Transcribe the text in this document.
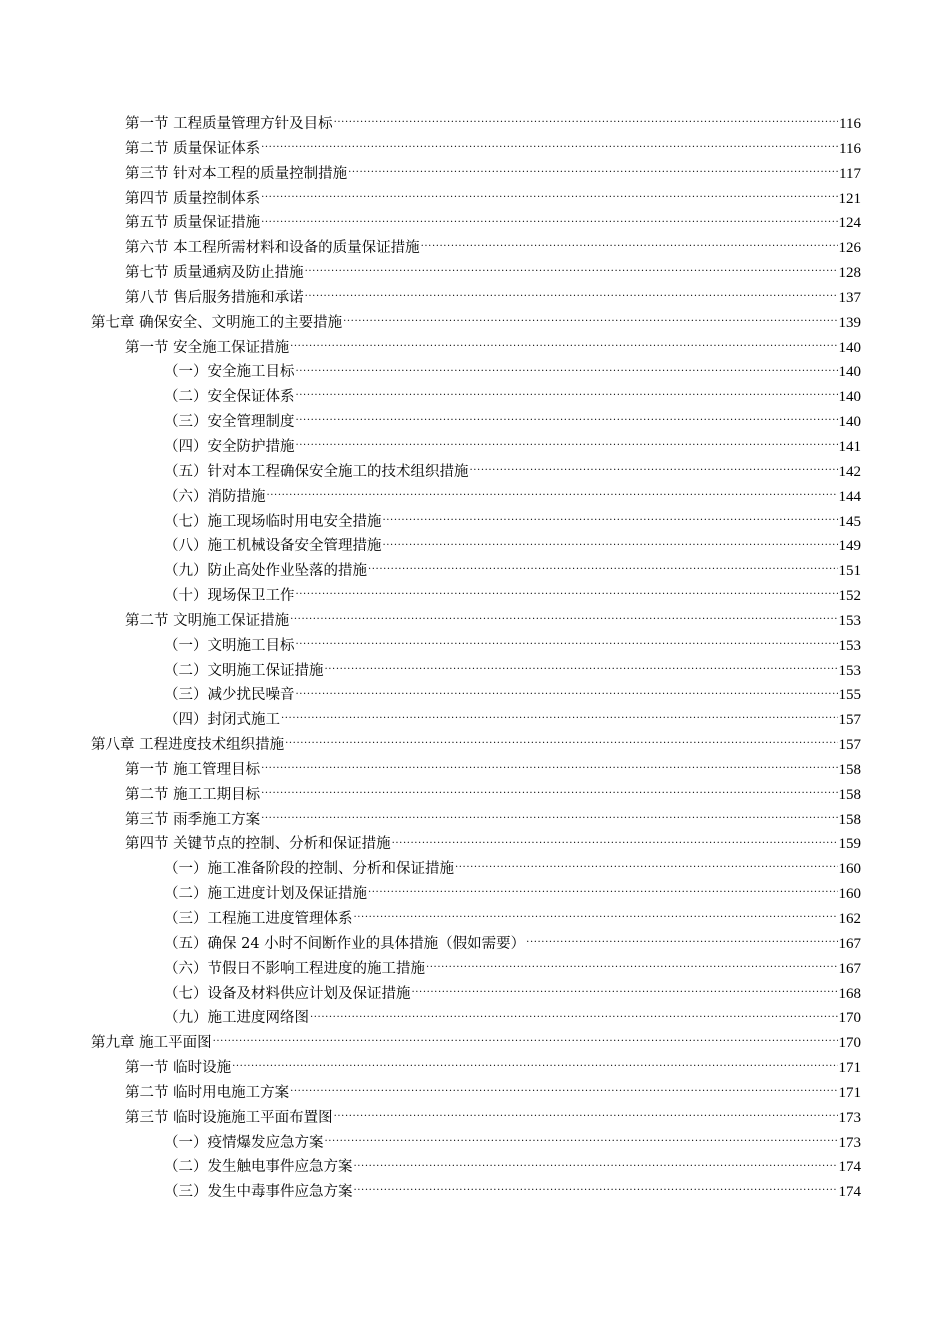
第一节 工程质量管理方针及目标 .....	116
第二节 质量保证体系 .....	116
第三节 针对本工程的质量控制措施 .....	117
第四节 质量控制体系 .....	121
第五节 质量保证措施 .....	124
第六节 本工程所需材料和设备的质量保证措施 .....	126
第七节 质量通病及防止措施 .....	128
第八节 售后服务措施和承诺 .....	137
第七章 确保安全、文明施工的主要措施 .....	139
第一节 安全施工保证措施 .....	140
（一）安全施工目标 .....	140
（二）安全保证体系 .....	140
（三）安全管理制度 .....	140
（四）安全防护措施 .....	141
（五）针对本工程确保安全施工的技术组织措施 .....	142
（六）消防措施 .....	144
（七）施工现场临时用电安全措施 .....	145
（八）施工机械设备安全管理措施 .....	149
（九）防止高处作业坠落的措施 .....	151
（十）现场保卫工作 .....	152
第二节 文明施工保证措施 .....	153
（一）文明施工目标 .....	153
（二）文明施工保证措施 .....	153
（三）减少扰民噪音 .....	155
（四）封闭式施工 .....	157
第八章 工程进度技术组织措施 .....	157
第一节 施工管理目标 .....	158
第二节 施工工期目标 .....	158
第三节 雨季施工方案 .....	158
第四节 关键节点的控制、分析和保证措施 .....	159
（一）施工准备阶段的控制、分析和保证措施 .....	160
（二）施工进度计划及保证措施 .....	160
（三）工程施工进度管理体系 .....	162
（五）确保 24 小时不间断作业的具体措施（假如需要） .....	167
（六）节假日不影响工程进度的施工措施 .....	167
（七）设备及材料供应计划及保证措施 .....	168
（九）施工进度网络图 .....	170
第九章 施工平面图 .....	170
第一节 临时设施 .....	171
第二节 临时用电施工方案 .....	171
第三节 临时设施施工平面布置图 .....	173
（一）疫情爆发应急方案 .....	173
（二）发生触电事件应急方案 .....	174
（三）发生中毒事件应急方案 .....	174
